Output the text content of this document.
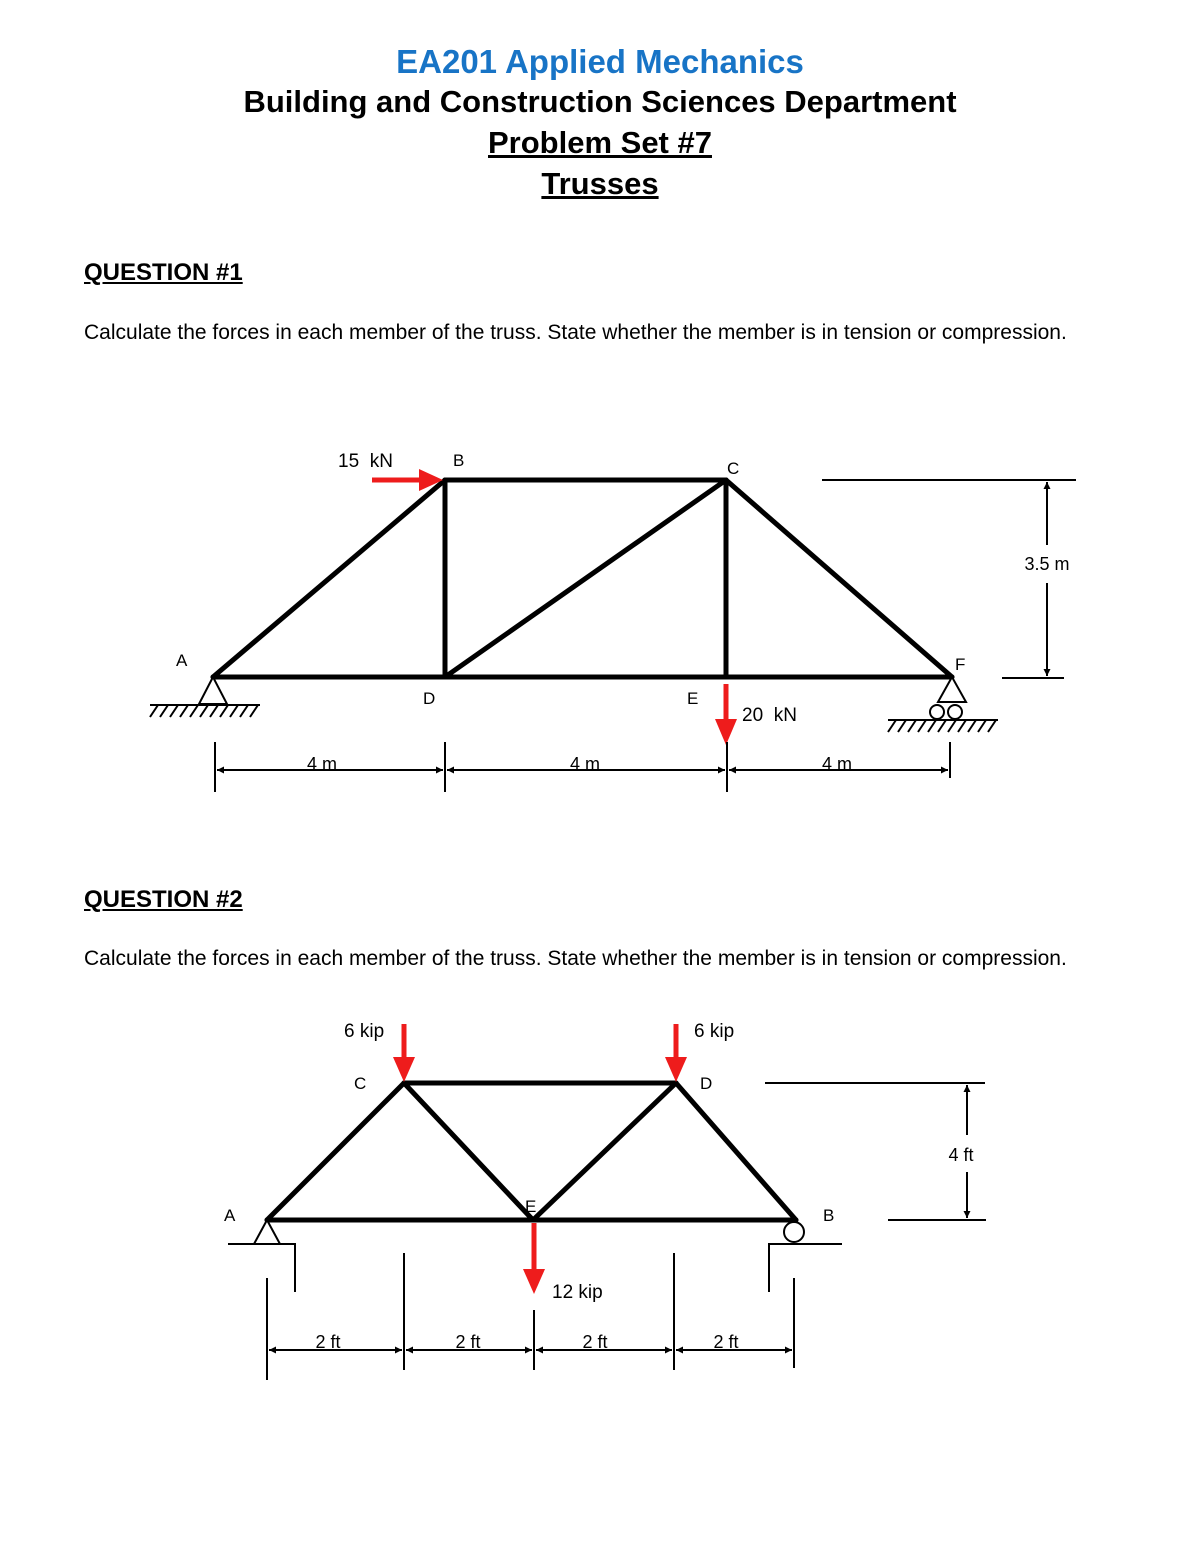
EA201 Applied Mechanics
Building and Construction Sciences Department
Problem Set #7
Trusses
QUESTION #1

Calculate the forces in each member of the truss. State whether the member is in tension or compression.

QUESTION #2

Calculate the forces in each member of the truss. State whether the member is in tension or compression.

A
B	C
D	E
F
15  kN
20  kN
4 m	4 m	4 m
3.5 m
A
C	D
E	B
6 kip	6 kip
12 kip
2 ft	2 ft	2 ft	2 ft
4 ft
